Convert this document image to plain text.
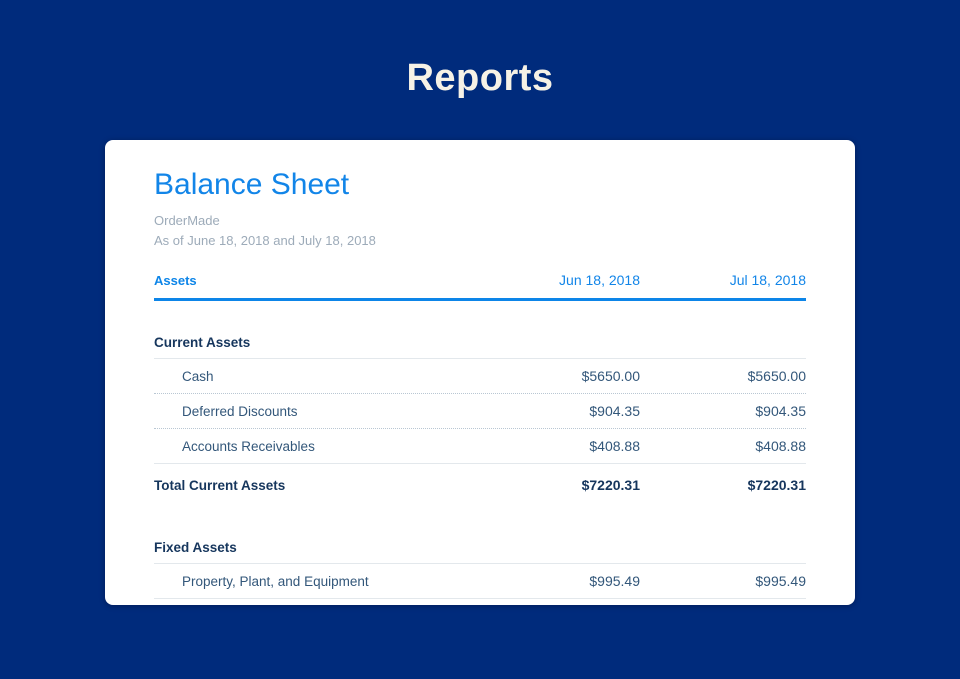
Reports
Balance Sheet
OrderMade
As of June 18, 2018 and July 18, 2018
Assets	Jun 18, 2018	Jul 18, 2018
Current Assets
Cash	$5650.00	$5650.00
Deferred Discounts	$904.35	$904.35
Accounts Receivables	$408.88	$408.88
Total Current Assets	$7220.31	$7220.31
Fixed Assets
Property, Plant, and Equipment	$995.49	$995.49
